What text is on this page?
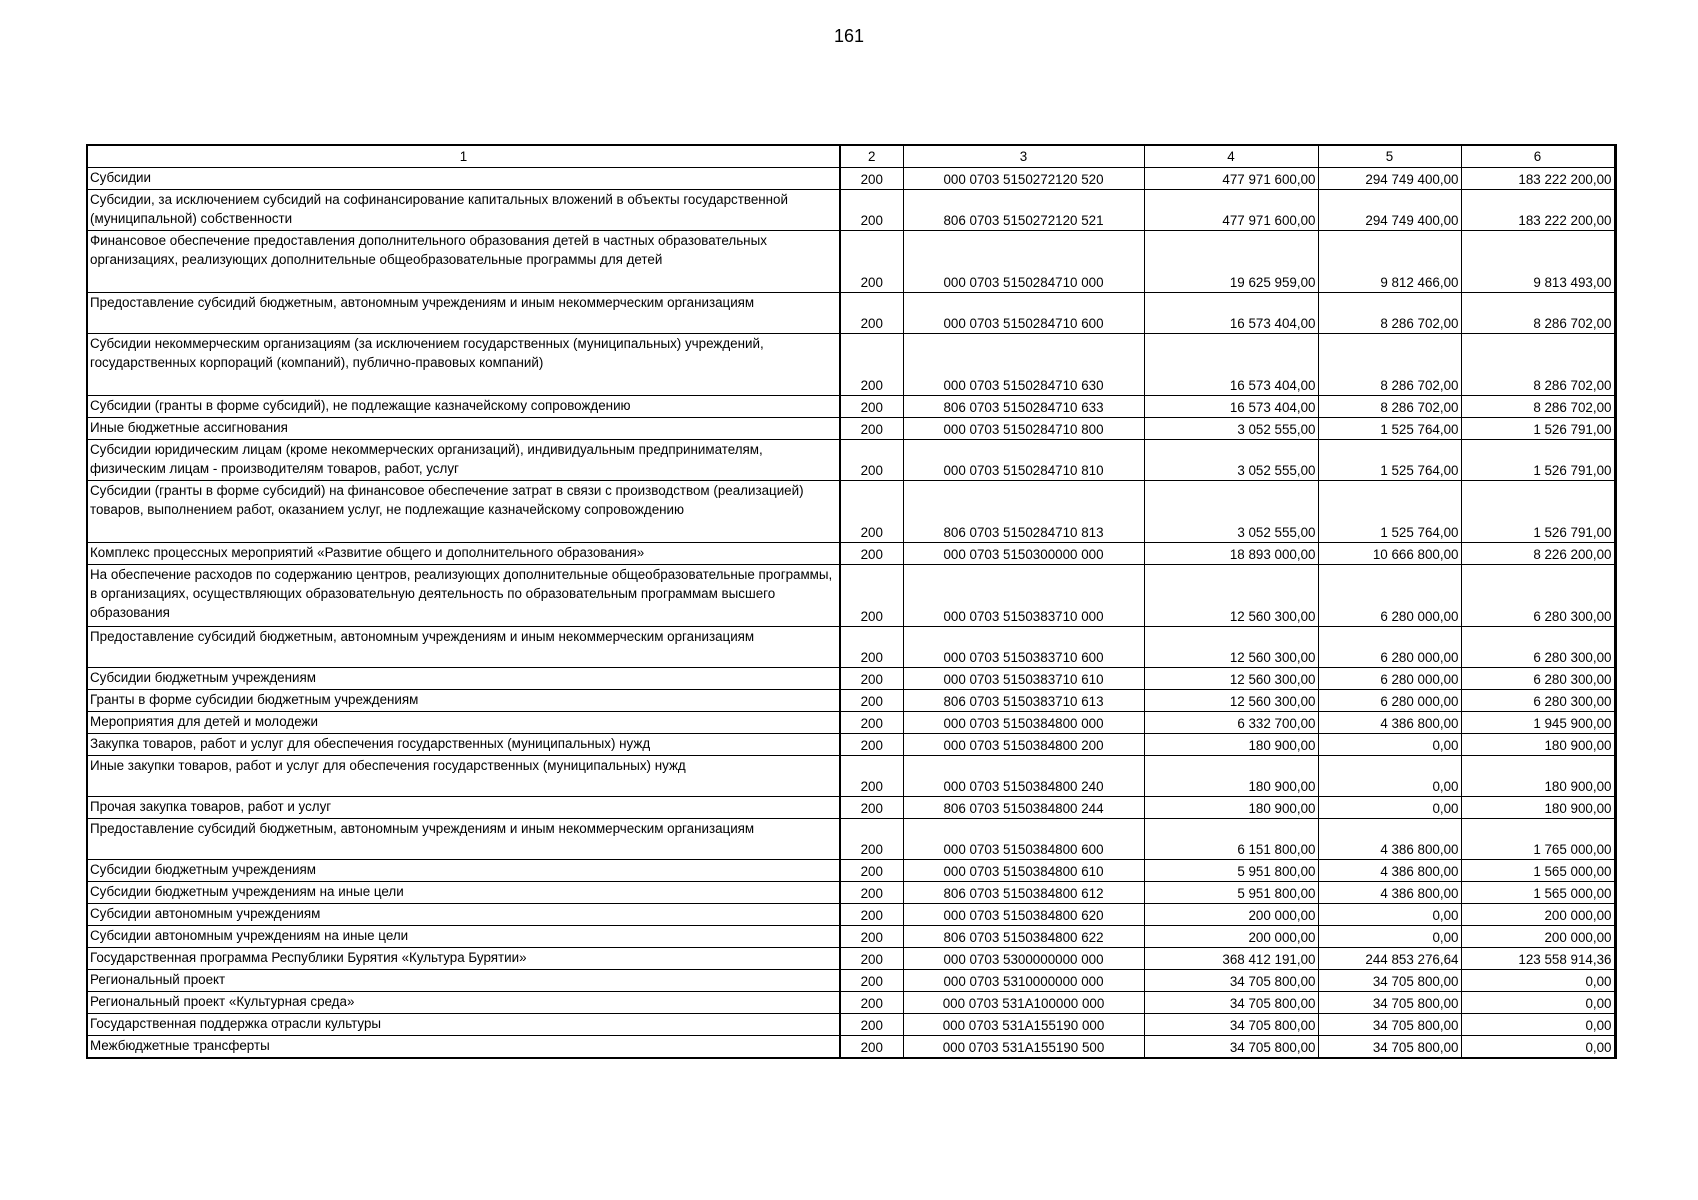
161
1	2	3	4	5	6
Субсидии	200	000 0703 5150272120 520	477 971 600,00	294 749 400,00	183 222 200,00
Субсидии, за исключением субсидий на софинансирование капитальных вложений в объекты государственной (муниципальной) собственности	200	806 0703 5150272120 521	477 971 600,00	294 749 400,00	183 222 200,00
Финансовое обеспечение предоставления дополнительного образования детей в частных образовательных организациях, реализующих дополнительные общеобразовательные программы для детей	200	000 0703 5150284710 000	19 625 959,00	9 812 466,00	9 813 493,00
Предоставление субсидий бюджетным, автономным учреждениям и иным некоммерческим организациям	200	000 0703 5150284710 600	16 573 404,00	8 286 702,00	8 286 702,00
Субсидии некоммерческим организациям (за исключением государственных (муниципальных) учреждений, государственных корпораций (компаний), публично-правовых компаний)	200	000 0703 5150284710 630	16 573 404,00	8 286 702,00	8 286 702,00
Субсидии (гранты в форме субсидий), не подлежащие казначейскому сопровождению	200	806 0703 5150284710 633	16 573 404,00	8 286 702,00	8 286 702,00
Иные бюджетные ассигнования	200	000 0703 5150284710 800	3 052 555,00	1 525 764,00	1 526 791,00
Субсидии юридическим лицам (кроме некоммерческих организаций), индивидуальным предпринимателям, физическим лицам - производителям товаров, работ, услуг	200	000 0703 5150284710 810	3 052 555,00	1 525 764,00	1 526 791,00
Субсидии (гранты в форме субсидий) на финансовое обеспечение затрат в связи с производством (реализацией) товаров, выполнением работ, оказанием услуг, не подлежащие казначейскому сопровождению	200	806 0703 5150284710 813	3 052 555,00	1 525 764,00	1 526 791,00
Комплекс процессных мероприятий «Развитие общего и дополнительного образования»	200	000 0703 5150300000 000	18 893 000,00	10 666 800,00	8 226 200,00
На обеспечение расходов по содержанию центров, реализующих дополнительные общеобразовательные программы, в организациях, осуществляющих образовательную деятельность по образовательным программам высшего образования	200	000 0703 5150383710 000	12 560 300,00	6 280 000,00	6 280 300,00
Предоставление субсидий бюджетным, автономным учреждениям и иным некоммерческим организациям	200	000 0703 5150383710 600	12 560 300,00	6 280 000,00	6 280 300,00
Субсидии бюджетным учреждениям	200	000 0703 5150383710 610	12 560 300,00	6 280 000,00	6 280 300,00
Гранты в форме субсидии бюджетным учреждениям	200	806 0703 5150383710 613	12 560 300,00	6 280 000,00	6 280 300,00
Мероприятия для детей и молодежи	200	000 0703 5150384800 000	6 332 700,00	4 386 800,00	1 945 900,00
Закупка товаров, работ и услуг для обеспечения государственных (муниципальных) нужд	200	000 0703 5150384800 200	180 900,00	0,00	180 900,00
Иные закупки товаров, работ и услуг для обеспечения государственных (муниципальных) нужд	200	000 0703 5150384800 240	180 900,00	0,00	180 900,00
Прочая закупка товаров, работ и услуг	200	806 0703 5150384800 244	180 900,00	0,00	180 900,00
Предоставление субсидий бюджетным, автономным учреждениям и иным некоммерческим организациям	200	000 0703 5150384800 600	6 151 800,00	4 386 800,00	1 765 000,00
Субсидии бюджетным учреждениям	200	000 0703 5150384800 610	5 951 800,00	4 386 800,00	1 565 000,00
Субсидии бюджетным учреждениям на иные цели	200	806 0703 5150384800 612	5 951 800,00	4 386 800,00	1 565 000,00
Субсидии автономным учреждениям	200	000 0703 5150384800 620	200 000,00	0,00	200 000,00
Субсидии автономным учреждениям на иные цели	200	806 0703 5150384800 622	200 000,00	0,00	200 000,00
Государственная программа Республики Бурятия «Культура Бурятии»	200	000 0703 5300000000 000	368 412 191,00	244 853 276,64	123 558 914,36
Региональный проект	200	000 0703 5310000000 000	34 705 800,00	34 705 800,00	0,00
Региональный проект «Культурная среда»	200	000 0703 531A100000 000	34 705 800,00	34 705 800,00	0,00
Государственная поддержка отрасли культуры	200	000 0703 531A155190 000	34 705 800,00	34 705 800,00	0,00
Межбюджетные трансферты	200	000 0703 531A155190 500	34 705 800,00	34 705 800,00	0,00
